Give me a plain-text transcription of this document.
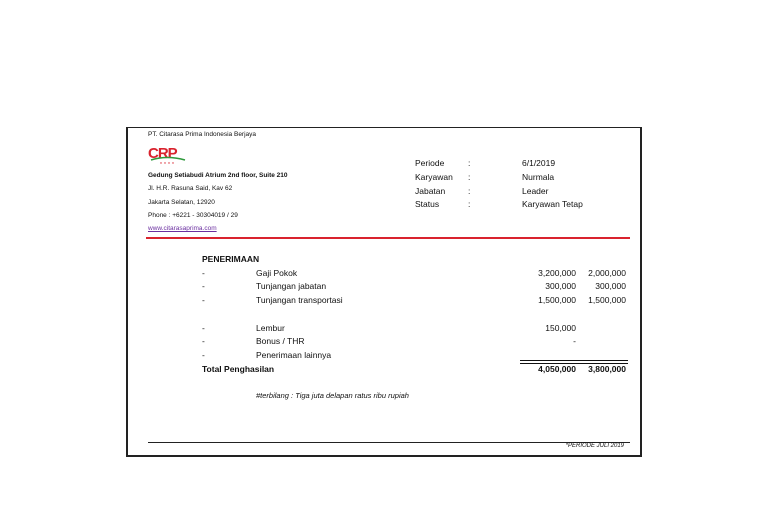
PT. Citarasa Prima Indonesia Berjaya
CRP
Gedung Setiabudi Atrium 2nd floor, Suite 210
Jl. H.R. Rasuna Said, Kav 62
Jakarta Selatan, 12920
Phone : +6221 - 30304019 / 29
www.citarasaprima.com
Periode	:	6/1/2019
Karyawan :	Nurmala
Jabatan	:	Leader
Status	:	Karyawan Tetap
PENERIMAAN
-	Gaji Pokok	3,200,000	2,000,000
-	Tunjangan jabatan	300,000	300,000
-	Tunjangan transportasi	1,500,000	1,500,000
-	Lembur	150,000
-	Bonus / THR	-
-	Penerimaan lainnya
Total Penghasilan	4,050,000	3,800,000
#terbilang : Tiga juta delapan ratus ribu rupiah
*PERIODE JULI 2019
